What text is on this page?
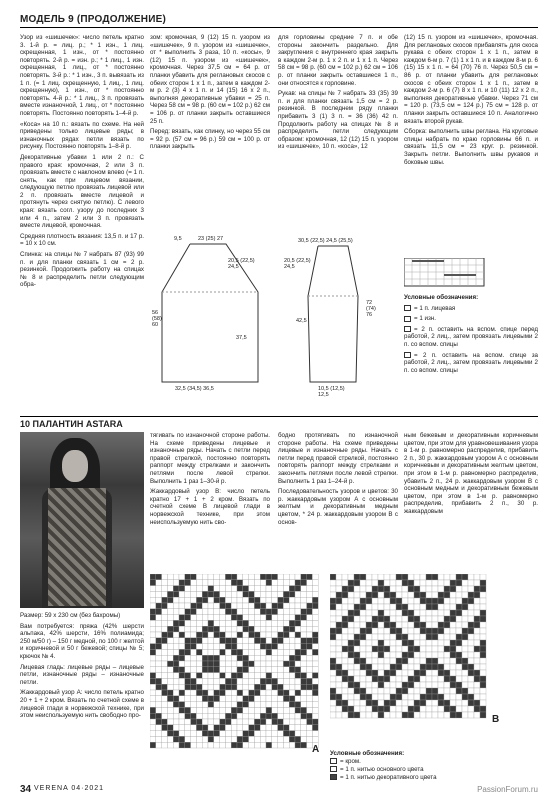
МОДЕЛЬ 9 (ПРОДОЛЖЕНИЕ)

Узор из «шишечек»: число петель кратно 3. 1-й р. = лиц. р.; * 1 изн., 1 лиц. скрещенная, 1 изн., от * постоянно повторять. 2-й р. = изн. р.; * 1 лиц., 1 изн. скрещенная, 1 лиц., от * постоянно повторять. 3-й р.: * 1 изн., 3 п. вывязать из 1 п. (= 1 лиц. скрещенную, 1 лиц., 1 лиц. скрещенную), 1 изн., от * постоянно повторять. 4-й р.: * 1 лиц., 3 п. провязать вместе изнаночной, 1 лиц., от * постоянно повторять. Постоянно повторять 1–4-й р.

«Коса» на 10 п.: вязать по схеме. На ней приведены только лицевые ряды; в изнаночных рядах петли вязать по рисунку. Постоянно повторять 1–8-й р.

Декоративные убавки 1 или 2 п.: С правого края: кромочная, 2 или 3 п. провязать вместе с наклоном влево (= 1 п. снять, как при лицевом вязании, следующую петлю провязать лицевой или 2 п. провязать вместе лицевой и протянуть через снятую петлю). С левого края: вязать согл. узору до последних 3 или 4 п., затем 2 или 3 п. провязать вместе лицевой, кромочная.

Средняя плотность вязания: 13,5 п. и 17 р. = 10 х 10 см.

Спинка: на спицы № 7 набрать 87 (93) 99 п. и для планки связать 1 см = 2 р. резинкой. Продолжить работу на спицах № 8 и распределить петли следующим обра-

зом: кромочная, 9 (12) 15 п. узором из «шишечек», 9 п. узором из «шишечек», от * выполнить 3 раза, 10 п. «косы», 9 (12) 15 п. узором из «шишечек», кромочная. Через 37,5 см = 64 р. от планки убавить для реглановых скосов с обеих сторон 1 х 1 п., затем в каждом 2-м р. 2 (3) 4 х 1 п. и 14 (15) 16 х 2 п., выполняя декоративные убавки = 25 п. Через 58 см = 98 р. (60 см = 102 р.) 62 см = 106 р. от планки закрыть оставшиеся 25 п.

Перед: вязать, как спинку, но через 55 см = 92 р. (57 см = 96 р.) 59 см = 100 р. от планки закрыть

для горловины средние 7 п. и обе стороны закончить раздельно. Для закругления с внутреннего края закрыть в каждом 2-м р. 1 х 2 п. и 1 х 1 п. Через 58 см = 98 р. (60 см = 102 р.) 62 см = 106 р. от планки закрыть оставшиеся 1 п., они относятся к горловине.

Рукав: на спицы № 7 набрать 33 (35) 39 п. и для планки связать 1,5 см = 2 р. резинкой. В последнем ряду планки прибавить 3 (1) 3 п. = 36 (36) 42 п. Продолжить работу на спицах № 8 и распределить петли следующим образом: кромочная, 12 (12) 15 п. узором из «шишечек», 10 п. «коса», 12

(12) 15 п. узором из «шишечек», кромочная. Для реглановых скосов прибавлять для скоса рукава с обеих сторон 1 х 1 п., затем в каждом 6-м р. 7 (1) 1 х 1 п. и в каждом 8-м р. 6 (15) 15 х 1 п. = 64 (70) 76 п. Через 50,5 см = 86 р. от планки убавить для реглановых скосов с обеих сторон 1 х 1 п., затем в каждом 2-м р. 6 (7) 8 х 1 п. и 10 (11) 12 х 2 п., выполняя декоративные убавки. Через 71 см = 120 р. (73,5 см = 124 р.) 75 см = 128 р. от планки закрыть оставшиеся 10 п. Аналогично вязать второй рукав.

Сборка: выполнить швы реглана. На круговые спицы набрать по краю горловины 66 п. и связать 11,5 см = 23 круг. р. резинкой. Закрыть петли. Выполнить швы рукавов и боковые швы.

23 (25) 27
9,5
20,5 (22,5) 24,5
37,5
56 (58) 60
32,5 (34,5) 36,5
30,5 (22,5) 24,5 (25,5)
20,5 (22,5) 24,5
42,5
72 (74) 76
10,5 (12,5) 12,5

Условные обозначения:

= 1 п. лицевая

= 1 изн.

= 2 п. оставить на вспом. спице перед работой, 2 лиц., затем провязать лицевыми 2 п. со вспом. спицы

= 2 п. оставить на вспом. спице за работой, 2 лиц., затем провязать лицевыми 2 п. со вспом. спицы

10 ПАЛАНТИН ASTARA

Размер: 59 х 230 см (без бахромы)

Вам потребуется: пряжа (42% шерсти альпака, 42% шерсти, 16% полиамида; 250 м/50 г) – 150 г медной, по 100 г желтой и коричневой и 50 г бежевой; спицы № 5; крючок № 4.

Лицевая гладь: лицевые ряды – лицевые петли, изнаночные ряды – изнаночные петли.

Жаккардовый узор А: число петель кратно 20 + 1 + 2 кром. Вязать по счетной схеме в лицевой глади в норвежской технике, при этом неиспользуемую нить свободно про-

тягивать по изнаночной стороне работы. На схеме приведены лицевые и изнаночные ряды. Начать с петли перед правой стрелкой, постоянно повторять раппорт между стрелками и закончить петлями после левой стрелки. Выполнить 1 раз 1–30-й р.

Жаккардовый узор В: число петель кратно 17 + 1 + 2 кром. Вязать по счетной схеме В лицевой глади в норвежской технике, при этом неиспользуемую нить сво-

бодно протягивать по изнаночной стороне работы. На схеме приведены лицевые и изнаночные ряды. Начать с петли перед правой стрелкой, постоянно повторять раппорт между стрелками и закончить петлями после левой стрелки. Выполнить 1 раз 1–24-й р.

Последовательность узоров и цветов: 30 р. жаккардовым узором А с основным желтым и декоративным медным цветом, * 24 р. жаккардовым узором В с основ-

ным бежевым и декоративным коричневым цветом, при этом для уравновешивания узора в 1-м р. равномерно распределив, прибавить 2 п., 30 р. жаккардовым узором А с основным коричневым и декоративным желтым цветом, при этом в 1-м р. равномерно распределив, убавить 2 п., 24 р. жаккардовым узором В с основным медным и декоративным бежевым цветом, при этом в 1-м р. равномерно распределив, прибавить 2 п., 30 р. жаккардовым

A
B
Условные обозначения:
= кром.
= 1 п. нитью основного цвета
= 1 п. нитью декоративного цвета
34 VERENA 04·2021	PassionForum.ru
